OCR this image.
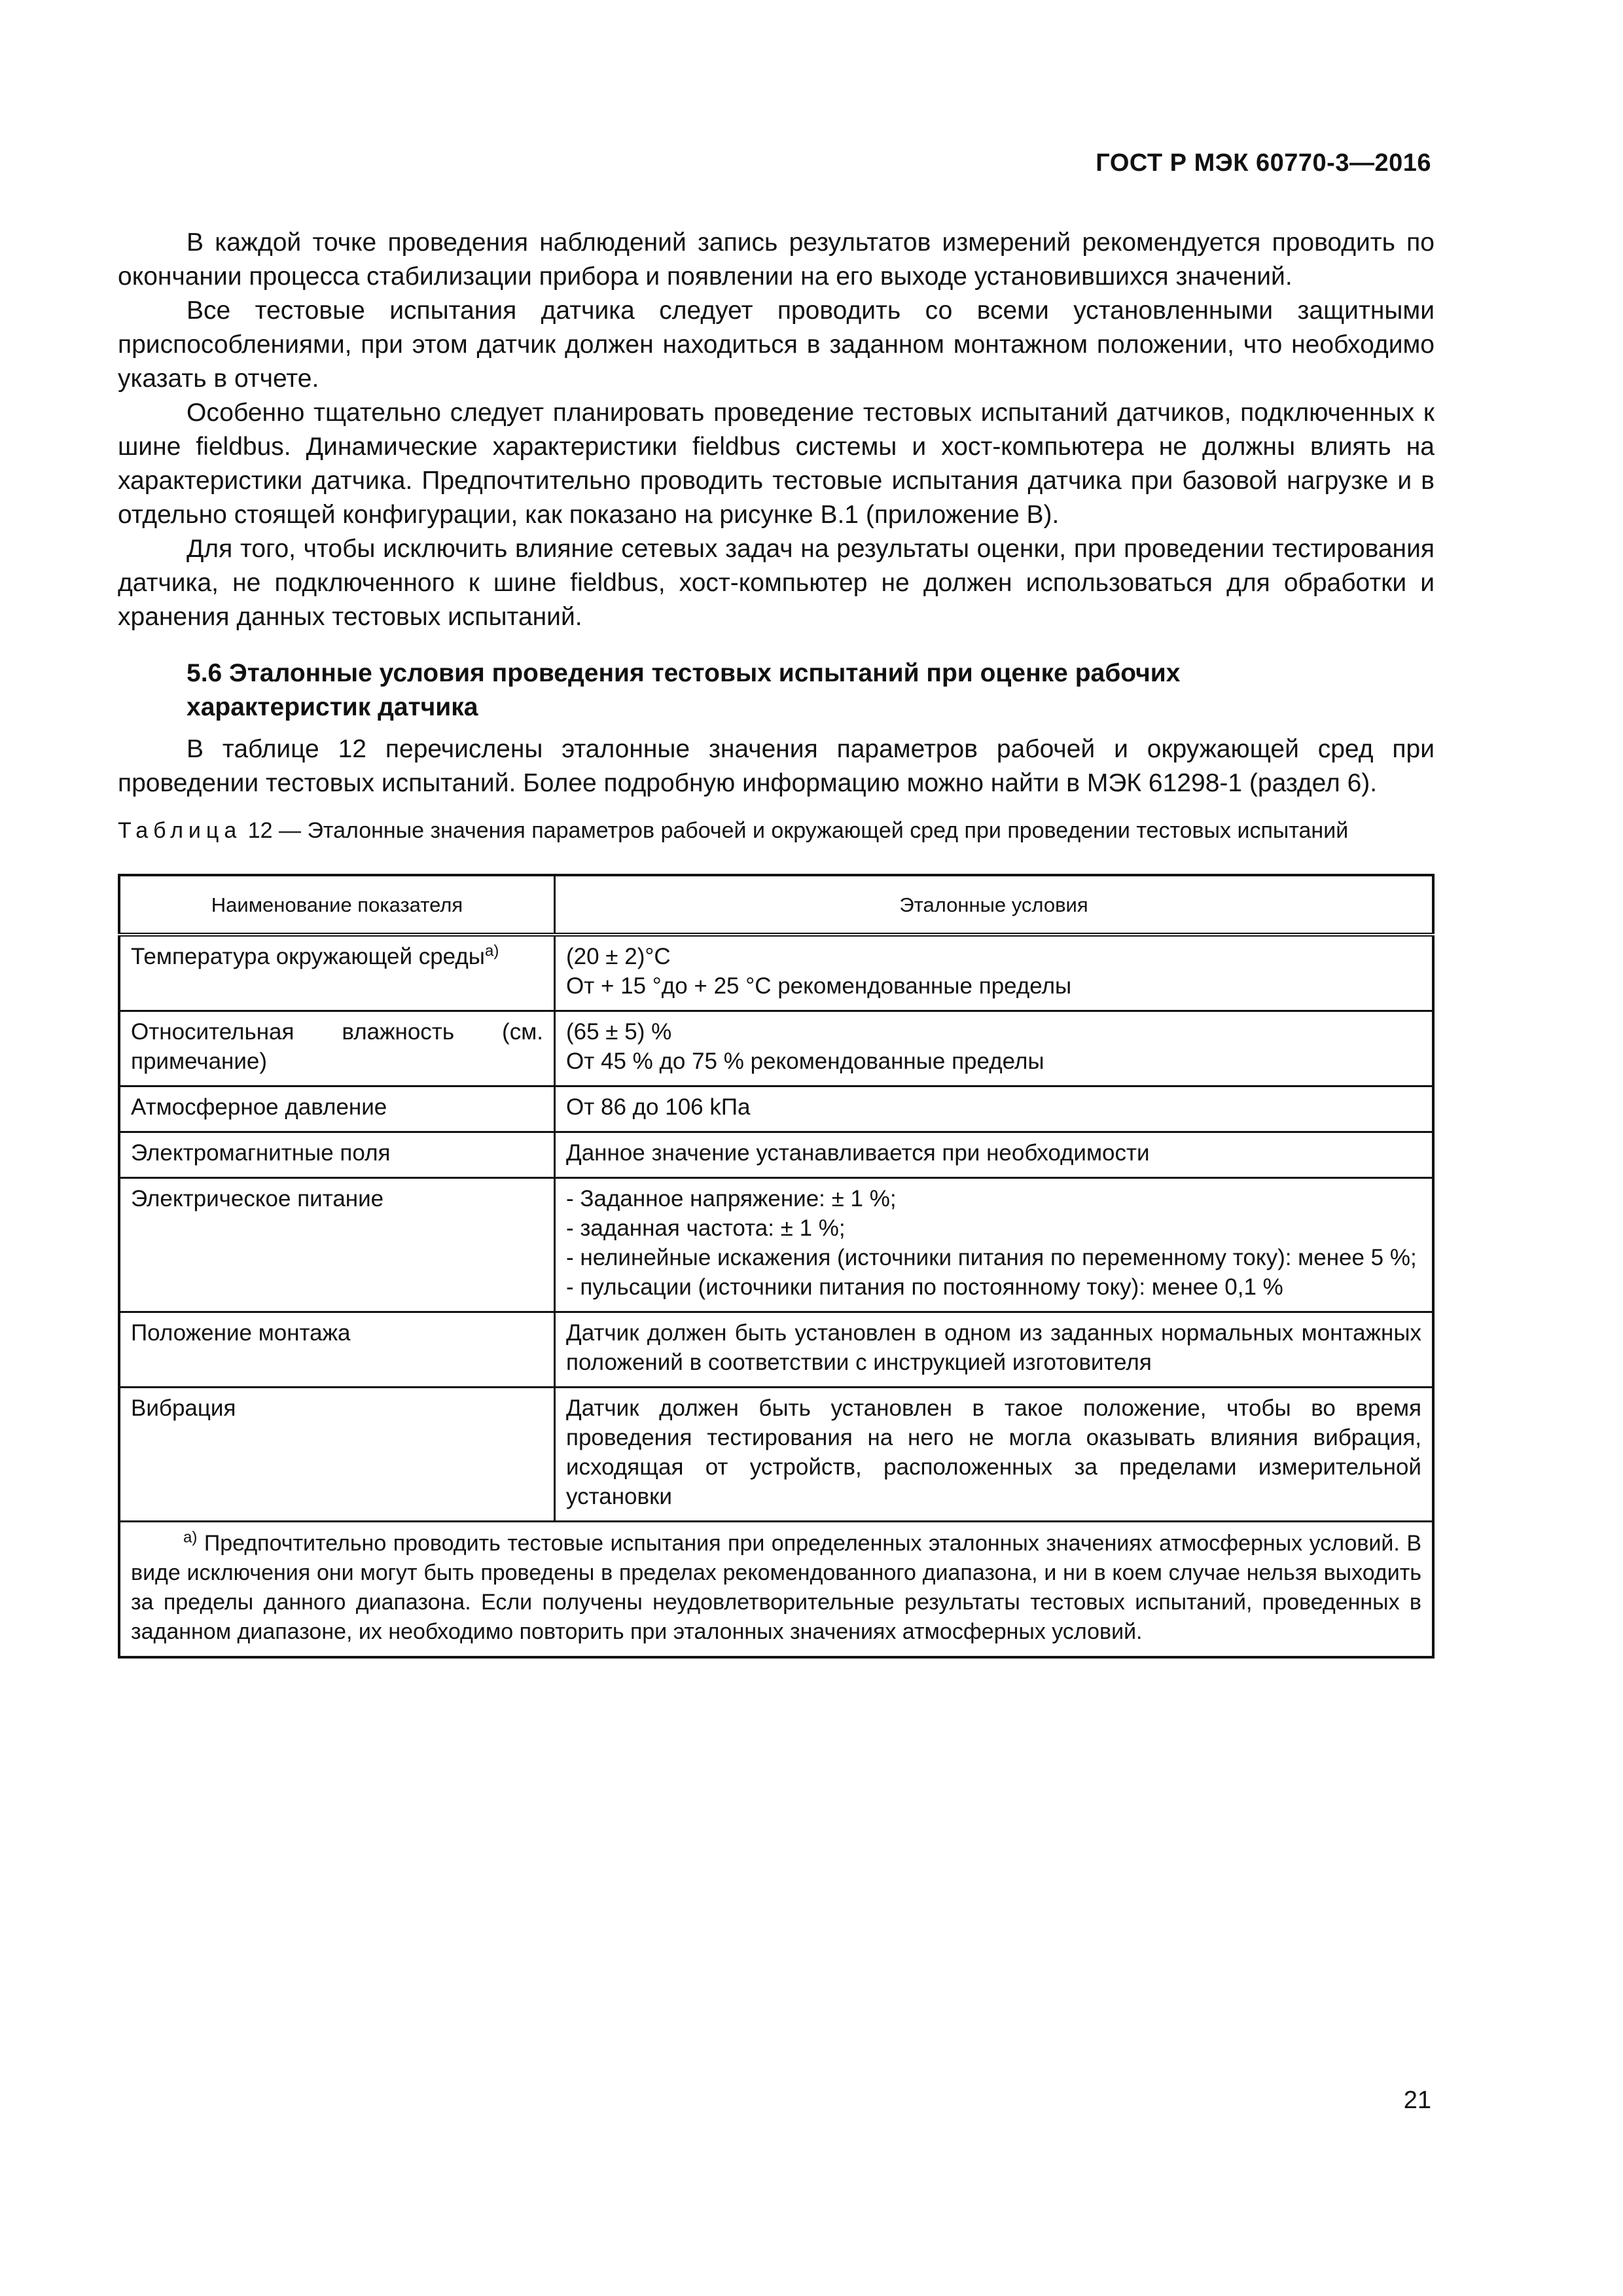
ГОСТ Р МЭК 60770-3—2016

В каждой точке проведения наблюдений запись результатов измерений рекомендуется проводить по окончании процесса стабилизации прибора и появлении на его выходе установившихся значений.

Все тестовые испытания датчика следует проводить со всеми установленными защитными приспособлениями, при этом датчик должен находиться в заданном монтажном положении, что необходимо указать в отчете.

Особенно тщательно следует планировать проведение тестовых испытаний датчиков, подключенных к шине fieldbus. Динамические характеристики fieldbus системы и хост-компьютера не должны влиять на характеристики датчика. Предпочтительно проводить тестовые испытания датчика при базовой нагрузке и в отдельно стоящей конфигурации, как показано на рисунке B.1 (приложение B).

Для того, чтобы исключить влияние сетевых задач на результаты оценки, при проведении тестирования датчика, не подключенного к шине fieldbus, хост-компьютер не должен использоваться для обработки и хранения данных тестовых испытаний.

5.6 Эталонные условия проведения тестовых испытаний при оценке рабочих
характеристик датчика

В таблице 12 перечислены эталонные значения параметров рабочей и окружающей сред при проведении тестовых испытаний. Более подробную информацию можно найти в МЭК 61298-1 (раздел 6).

Таблица 12 — Эталонные значения параметров рабочей и окружающей сред при проведении тестовых испытаний
Наименование показателя	Эталонные условия
Температура окружающей среды$^{а)}$	(20 ± 2)°С
От + 15 °до + 25 °С рекомендованные пределы

Относительная влажность (см. примечание)	(65 ± 5) %
От 45 % до 75 % рекомендованные пределы

Атмосферное давление	От 86 до 106 kПа

Электромагнитные поля	Данное значение устанавливается при необходимости

Электрическое питание	- Заданное напряжение: ± 1 %;
- заданная частота: ± 1 %;
- нелинейные искажения (источники питания по переменному току): менее 5 %;
- пульсации (источники питания по постоянному току): менее 0,1 %

Положение монтажа	Датчик должен быть установлен в одном из заданных нормальных монтажных положений в соответствии с инструкцией изготовителя

Вибрация	Датчик должен быть установлен в такое положение, чтобы во время проведения тестирования на него не могла оказывать влияния вибрация, исходящая от устройств, расположенных за пределами измерительной установки

$^{а)}$ Предпочтительно проводить тестовые испытания при определенных эталонных значениях атмосферных условий. В виде исключения они могут быть проведены в пределах рекомендованного диапазона, и ни в коем случае нельзя выходить за пределы данного диапазона. Если получены неудовлетворительные результаты тестовых испытаний, проведенных в заданном диапазоне, их необходимо повторить при эталонных значениях атмосферных условий.	
21
